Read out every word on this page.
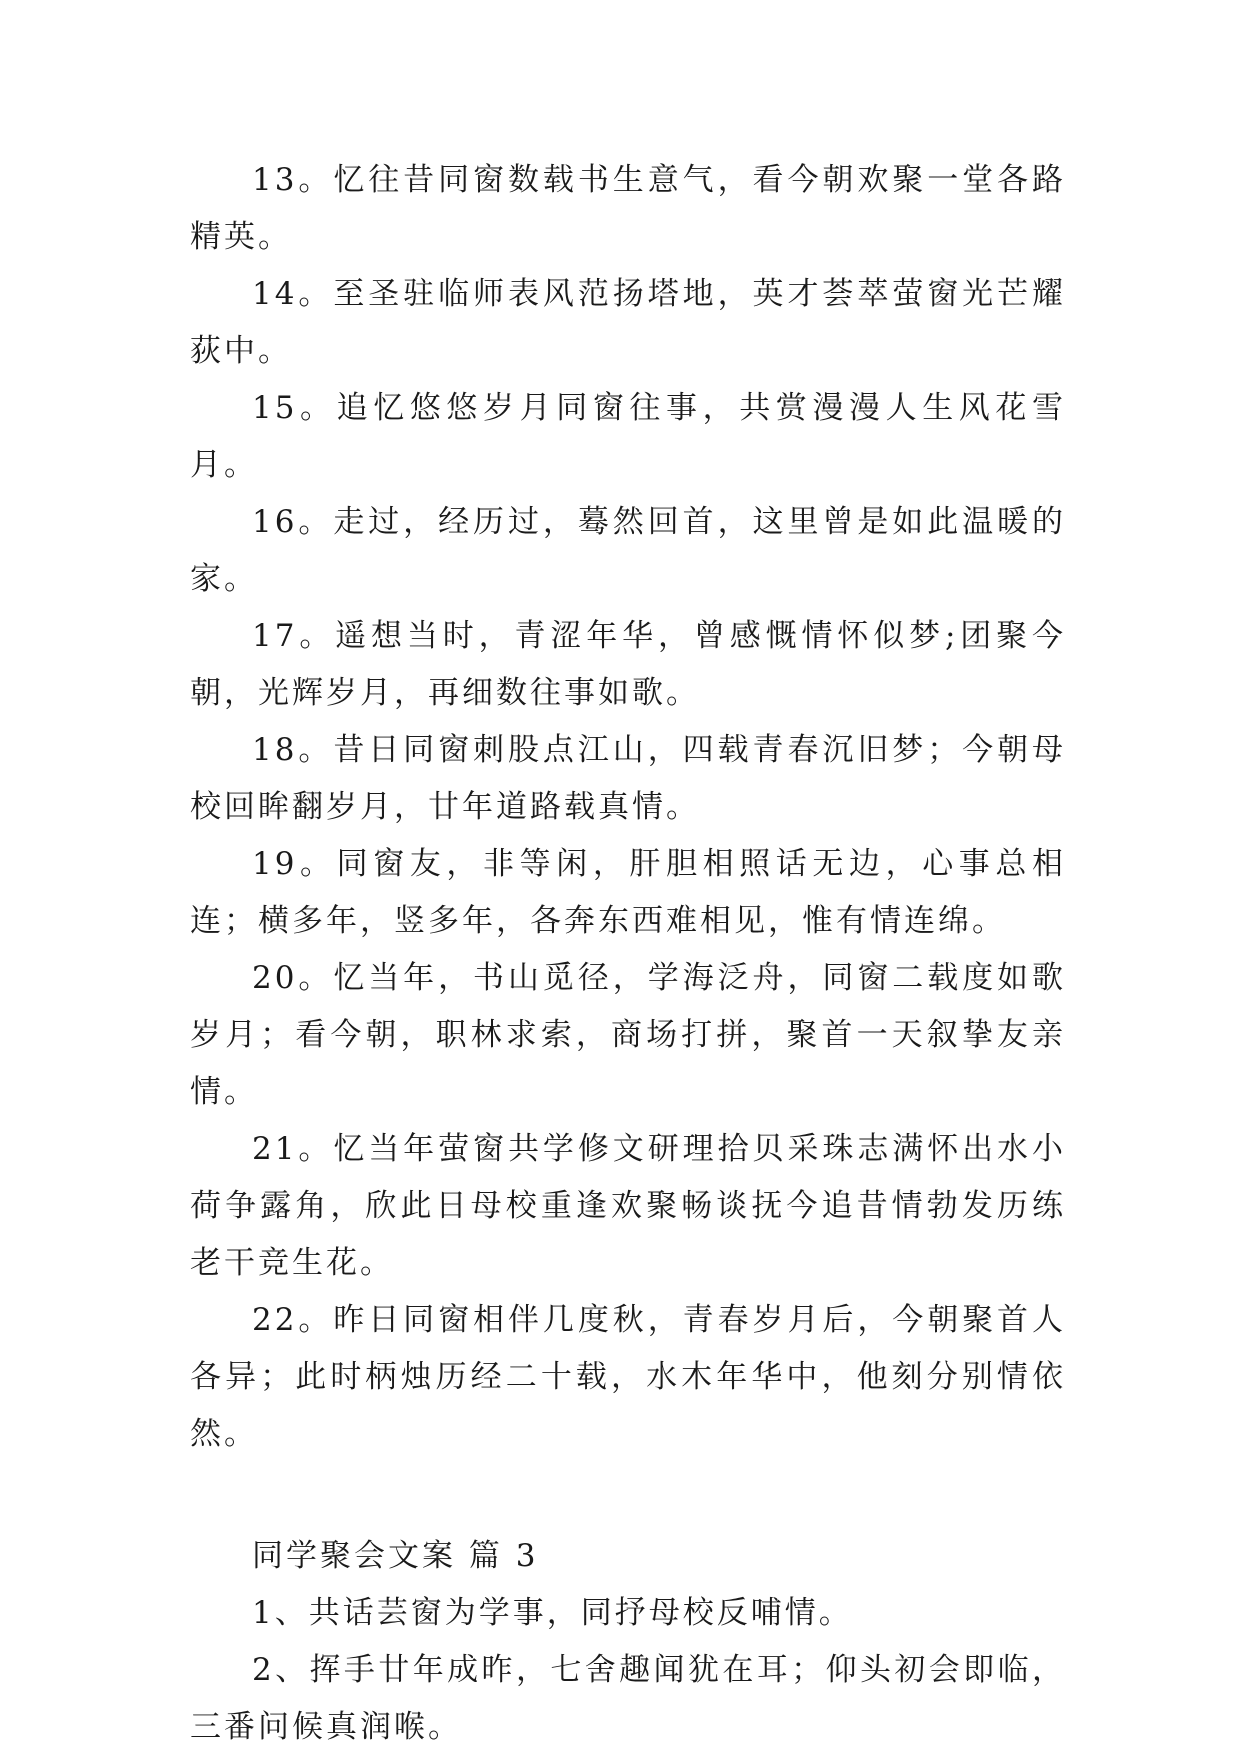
13。忆往昔同窗数载书生意气，看今朝欢聚一堂各路精英。

14。至圣驻临师表风范扬塔地，英才荟萃萤窗光芒耀荻中。

15。追忆悠悠岁月同窗往事，共赏漫漫人生风花雪月。

16。走过，经历过，蓦然回首，这里曾是如此温暖的家。

17。遥想当时，青涩年华，曾感慨情怀似梦;团聚今朝，光辉岁月，再细数往事如歌。

18。昔日同窗刺股点江山，四载青春沉旧梦；今朝母校回眸翻岁月，廿年道路载真情。

19。同窗友，非等闲，肝胆相照话无边，心事总相连；横多年，竖多年，各奔东西难相见，惟有情连绵。

20。忆当年，书山觅径，学海泛舟，同窗二载度如歌岁月；看今朝，职林求索，商场打拼，聚首一天叙挚友亲情。

21。忆当年萤窗共学修文研理拾贝采珠志满怀出水小荷争露角，欣此日母校重逢欢聚畅谈抚今追昔情勃发历练老干竞生花。

22。昨日同窗相伴几度秋，青春岁月后，今朝聚首人各异；此时柄烛历经二十载，水木年华中，他刻分别情依然。

同学聚会文案 篇 3

1、共话芸窗为学事，同抒母校反哺情。

2、挥手廿年成昨，七舍趣闻犹在耳；仰头初会即临，三番问候真润喉。
